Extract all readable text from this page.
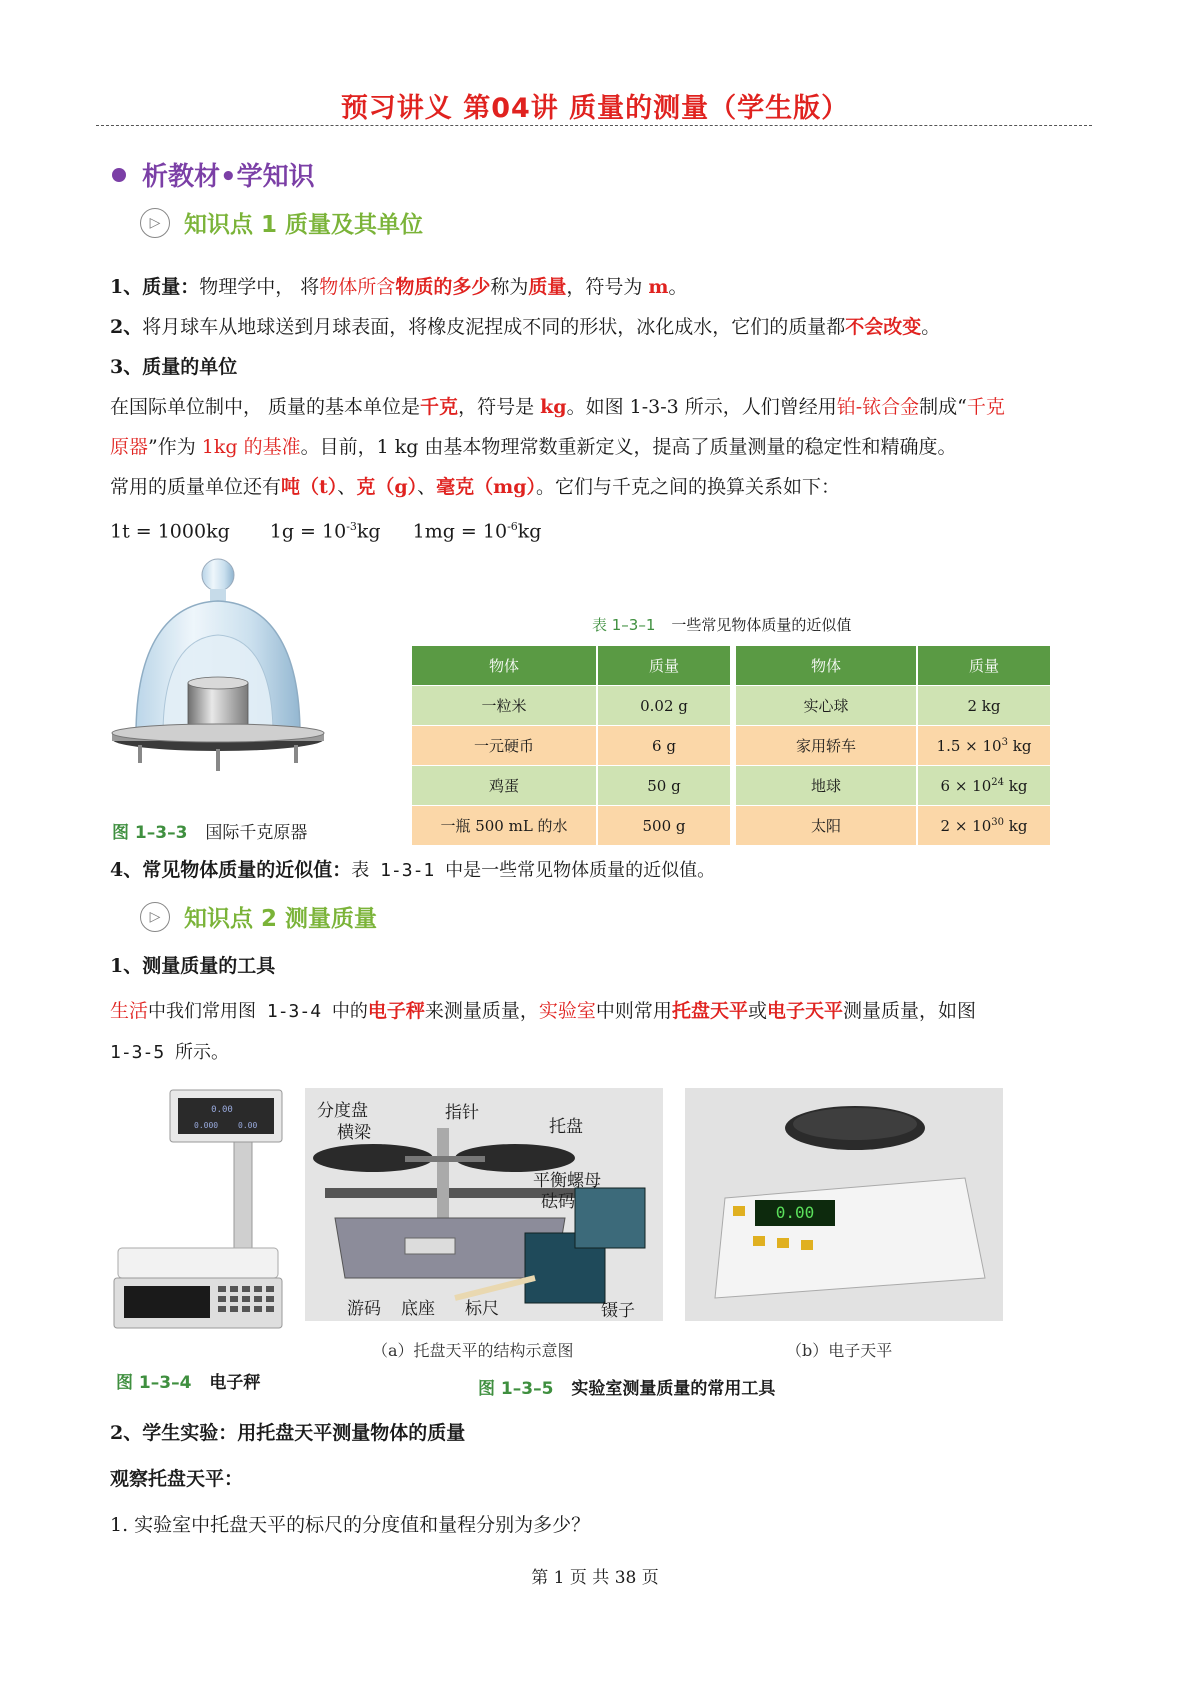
预习讲义 第04讲 质量的测量（学生版）
析教材•学知识
▷	知识点 1 质量及其单位
1、质量：物理学中， 将物体所含物质的多少称为质量，符号为 m。
2、将月球车从地球送到月球表面，将橡皮泥捏成不同的形状，冰化成水，它们的质量都不会改变。
3、质量的单位
在国际单位制中， 质量的基本单位是千克，符号是 kg。如图 1-3-3 所示，人们曾经用铂-铱合金制成“千克
原器”作为 1kg 的基准。目前，1 kg 由基本物理常数重新定义，提高了质量测量的稳定性和精确度。
常用的质量单位还有吨（t）、克（g）、毫克（mg）。它们与千克之间的换算关系如下：
1t = 1000kg $1g = 10^{-3}kg$ $1mg = 10^{-6}kg$
图 1–3–3 国际千克原器
表 1–3–1 一些常见物体质量的近似值
物体	质量	物体	质量
一粒米	0.02 g	实心球	2 kg
一元硬币	6 g	家用轿车	$1.5 \times 10^3$ kg
鸡蛋	50 g	地球	$6 \times 10^{24}$ kg
一瓶 500 mL 的水	500 g	太阳	$2 \times 10^{30}$ kg
4、常见物体质量的近似值：表 1-3-1 中是一些常见物体质量的近似值。
▷	知识点 2 测量质量
1、测量质量的工具
生活中我们常用图 1-3-4 中的电子秤来测量质量，实验室中则常用托盘天平或电子天平测量质量，如图
1-3-5 所示。
0.00
0.000 0.00
分度盘
横梁
指针
托盘
平衡螺母
砝码
游码 底座 标尺	镊子
0.00
图 1–3–4 电子秤
（a）托盘天平的结构示意图	（b）电子天平
图 1–3–5 实验室测量质量的常用工具
2、学生实验：用托盘天平测量物体的质量
观察托盘天平：
1. 实验室中托盘天平的标尺的分度值和量程分别为多少？
第 1 页 共 38 页
